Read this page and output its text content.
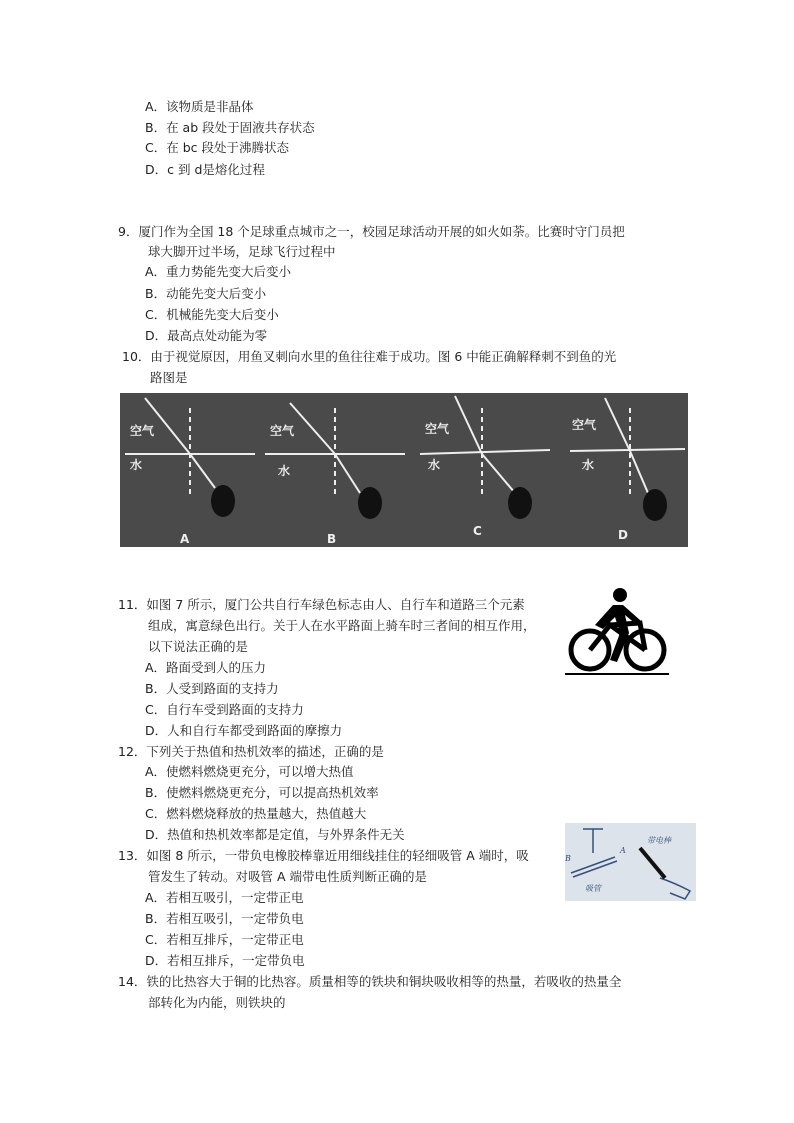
A．该物质是非晶体
B．在 ab 段处于固液共存状态
C．在 bc 段处于沸腾状态
D．c 到 d是熔化过程
9．厦门作为全国 18 个足球重点城市之一，校园足球活动开展的如火如荼。比赛时守门员把
球大脚开过半场，足球飞行过程中
A．重力势能先变大后变小
B．动能先变大后变小
C．机械能先变大后变小
D．最高点处动能为零
10．由于视觉原因，用鱼叉刺向水里的鱼往往难于成功。图 6 中能正确解释刺不到鱼的光
路图是
空气
水
空气
水
空气
水
空气
水
A	B
C	D
11．如图 7 所示，厦门公共自行车绿色标志由人、自行车和道路三个元素
组成，寓意绿色出行。关于人在水平路面上骑车时三者间的相互作用，
以下说法正确的是
A．路面受到人的压力
B．人受到路面的支持力
C．自行车受到路面的支持力
D．人和自行车都受到路面的摩擦力
12．下列关于热值和热机效率的描述，正确的是
A．使燃料燃烧更充分，可以增大热值
B．使燃料燃烧更充分，可以提高热机效率
C．燃料燃烧释放的热量越大，热值越大
D．热值和热机效率都是定值，与外界条件无关
B
A
带电棒
吸管
13．如图 8 所示，一带负电橡胶棒靠近用细线挂住的轻细吸管 A 端时，吸
管发生了转动。对吸管 A 端带电性质判断正确的是
A．若相互吸引，一定带正电
B．若相互吸引，一定带负电
C．若相互排斥，一定带正电
D．若相互排斥，一定带负电
14．铁的比热容大于铜的比热容。质量相等的铁块和铜块吸收相等的热量，若吸收的热量全
部转化为内能，则铁块的
